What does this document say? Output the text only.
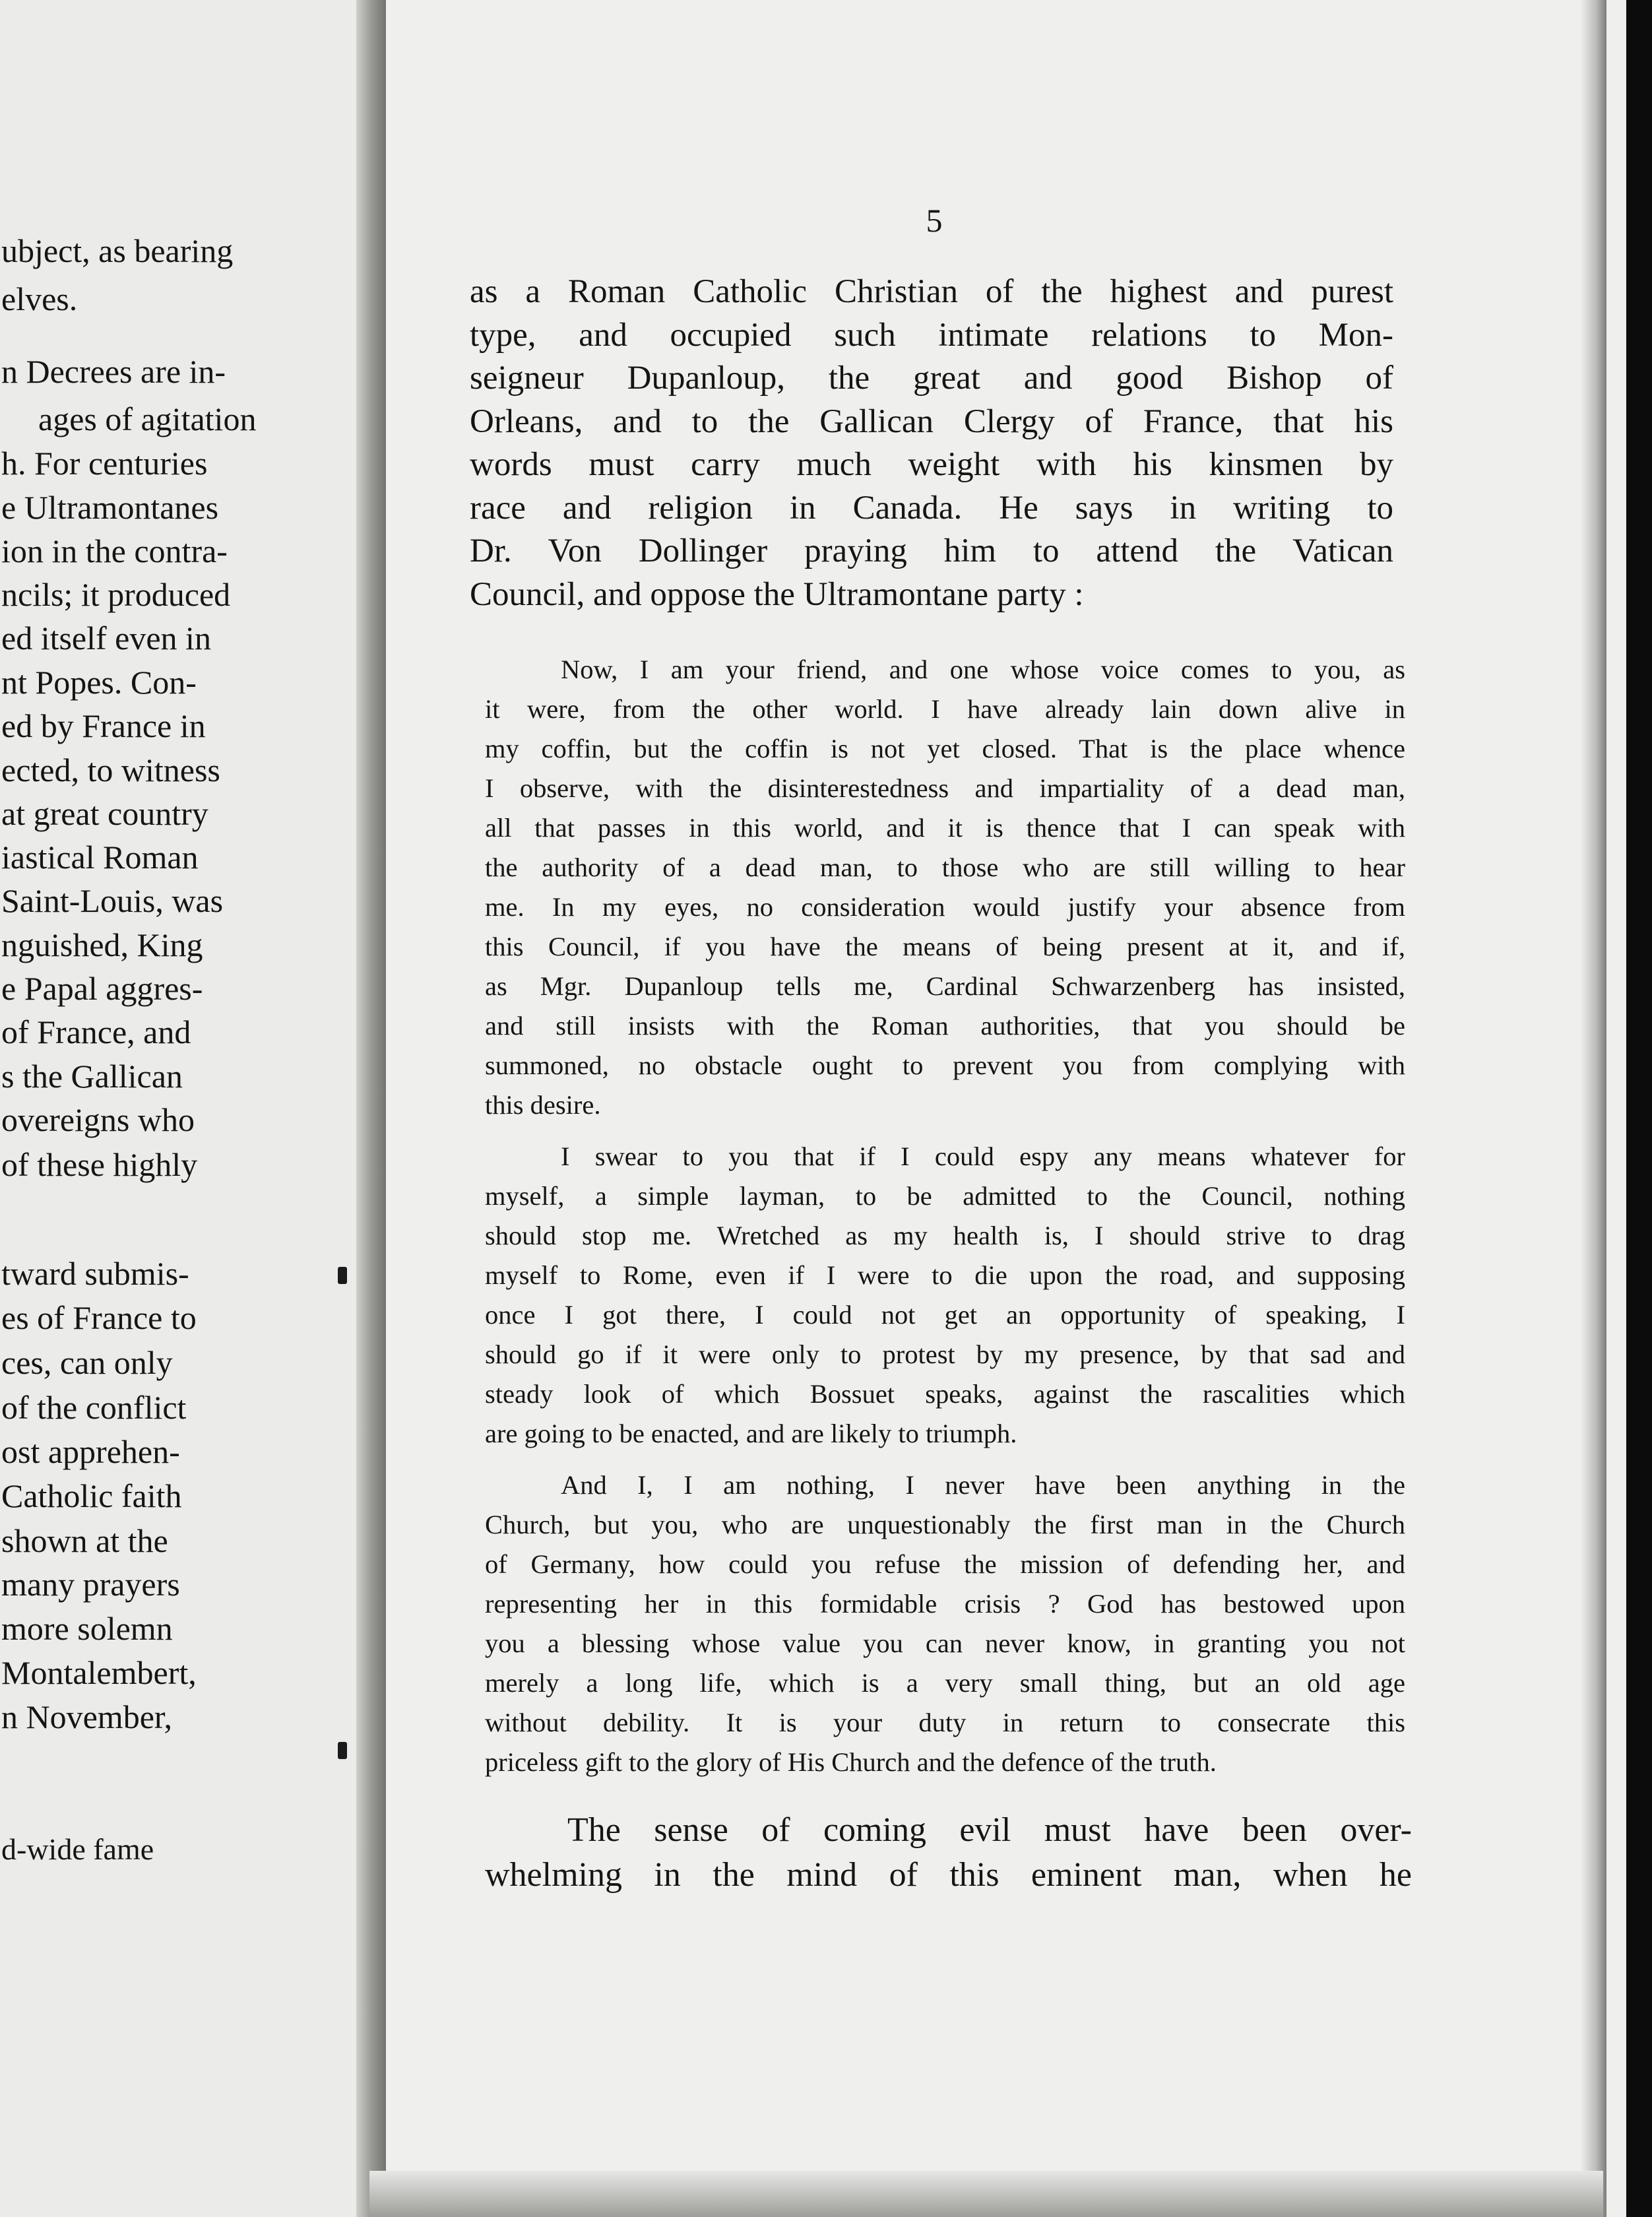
ubject, as bearing
elves.
n Decrees are in-
ages of agitation
h. For centuries
e Ultramontanes
ion in the contra-
ncils; it produced
ed itself even in
nt Popes. Con-
ed by France in
ected, to witness
at great country
iastical Roman
Saint-Louis, was
nguished, King
e Papal aggres-
of France, and
s the Gallican
overeigns who
of these highly
tward submis-
es of France to
ces, can only
of the conflict
ost apprehen-
Catholic faith
shown at the
many prayers
more solemn
Montalembert,
n November,
d-wide fame
5

as a Roman Catholic Christian of the highest and purest

type, and occupied such intimate relations to Mon-

seigneur Dupanloup, the great and good Bishop of

Orleans, and to the Gallican Clergy of France, that his

words must carry much weight with his kinsmen by

race and religion in Canada. He says in writing to

Dr. Von Dollinger praying him to attend the Vatican

Council, and oppose the Ultramontane party :

Now, I am your friend, and one whose voice comes to you, as
it were, from the other world. I have already lain down alive in
my coffin, but the coffin is not yet closed. That is the place whence
I observe, with the disinterestedness and impartiality of a dead man,
all that passes in this world, and it is thence that I can speak with
the authority of a dead man, to those who are still willing to hear
me. In my eyes, no consideration would justify your absence from
this Council, if you have the means of being present at it, and if,
as Mgr. Dupanloup tells me, Cardinal Schwarzenberg has insisted,
and still insists with the Roman authorities, that you should be
summoned, no obstacle ought to prevent you from complying with
this desire.
I swear to you that if I could espy any means whatever for
myself, a simple layman, to be admitted to the Council, nothing
should stop me. Wretched as my health is, I should strive to drag
myself to Rome, even if I were to die upon the road, and supposing
once I got there, I could not get an opportunity of speaking, I
should go if it were only to protest by my presence, by that sad and
steady look of which Bossuet speaks, against the rascalities which
are going to be enacted, and are likely to triumph.
And I, I am nothing, I never have been anything in the
Church, but you, who are unquestionably the first man in the Church
of Germany, how could you refuse the mission of defending her, and
representing her in this formidable crisis ? God has bestowed upon
you a blessing whose value you can never know, in granting you not
merely a long life, which is a very small thing, but an old age
without debility. It is your duty in return to consecrate this
priceless gift to the glory of His Church and the defence of the truth.
The sense of coming evil must have been over-
whelming in the mind of this eminent man, when he
